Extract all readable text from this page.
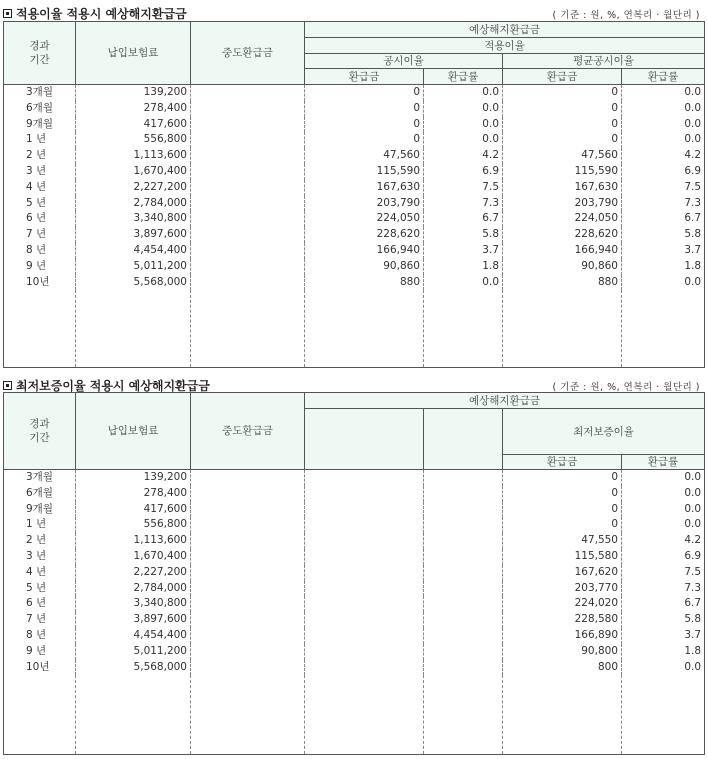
적용이율 적용시 예상해지환급금	( 기준 : 원, %, 연복리 · 월단리 )
경과
기간	납입보험료	중도환급금	예상해지환급금			
			적용이율			
			공시이율		평균공시이율	
			환급금	환급률	환급금	환급률
3개월	139,200		0	0.0	0	0.0
6개월	278,400		0	0.0	0	0.0
9개월	417,600		0	0.0	0	0.0
1 년	556,800		0	0.0	0	0.0
2 년	1,113,600		47,560	4.2	47,560	4.2
3 년	1,670,400		115,590	6.9	115,590	6.9
4 년	2,227,200		167,630	7.5	167,630	7.5
5 년	2,784,000		203,790	7.3	203,790	7.3
6 년	3,340,800		224,050	6.7	224,050	6.7
7 년	3,897,600		228,620	5.8	228,620	5.8
8 년	4,454,400		166,940	3.7	166,940	3.7
9 년	5,011,200		90,860	1.8	90,860	1.8
10년	5,568,000		880	0.0	880	0.0

최저보증이율 적용시 예상해지환급금	( 기준 : 원, %, 연복리 · 월단리 )
경과
기간	납입보험료	중도환급금	예상해지환급금			
					최저보증이율	
					환급금	환급률
3개월	139,200				0	0.0
6개월	278,400				0	0.0
9개월	417,600				0	0.0
1 년	556,800				0	0.0
2 년	1,113,600				47,550	4.2
3 년	1,670,400				115,580	6.9
4 년	2,227,200				167,620	7.5
5 년	2,784,000				203,770	7.3
6 년	3,340,800				224,020	6.7
7 년	3,897,600				228,580	5.8
8 년	4,454,400				166,890	3.7
9 년	5,011,200				90,800	1.8
10년	5,568,000				800	0.0
